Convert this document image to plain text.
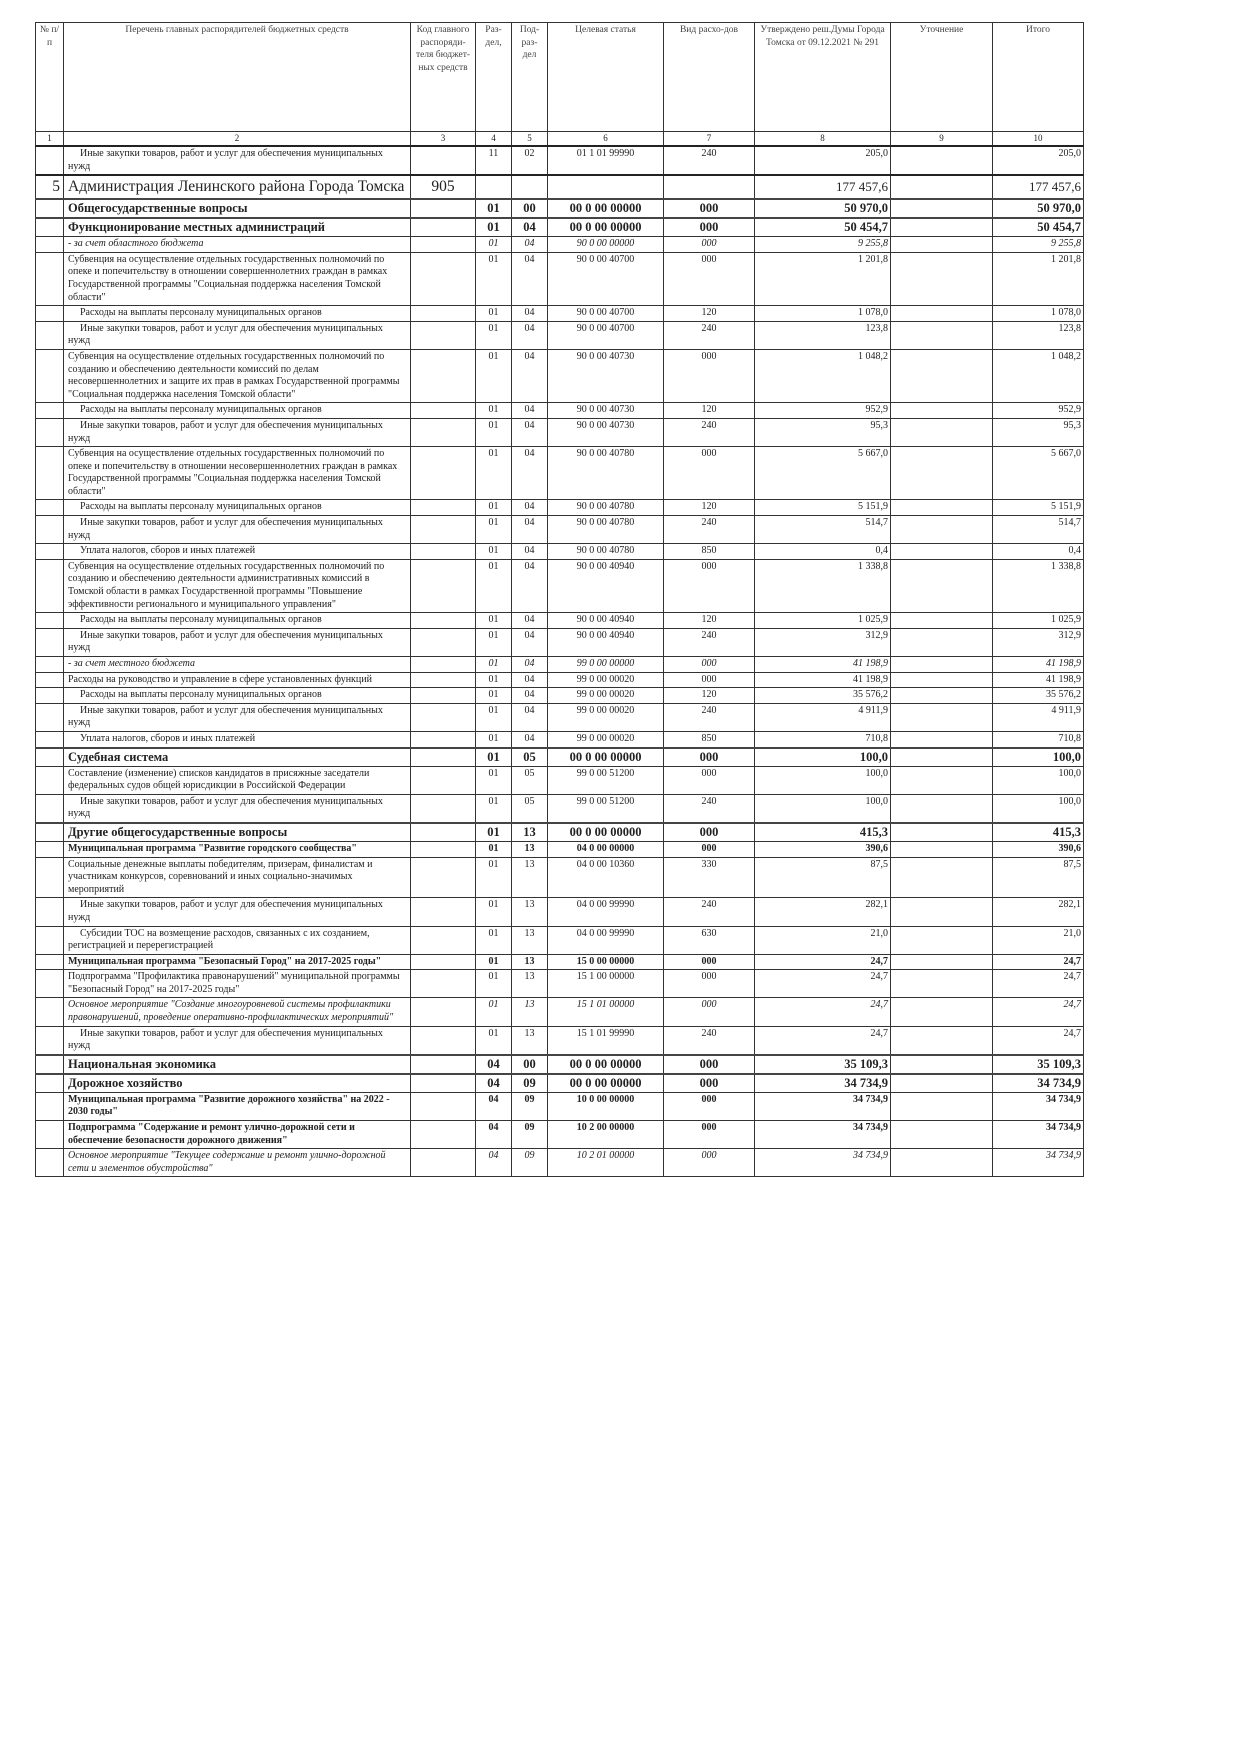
№ п/п	Перечень главных распорядителей бюджетных средств	Код главного распоряди-теля бюджет-ных средств	Раз-дел,	Под-раз-дел	Целевая статья	Вид расхо-дов	Утверждено реш.Думы Города Томска от 09.12.2021 № 291	Уточнение	Итого
1	2	3	4	5	6	7	8	9	10
	Иные закупки товаров, работ и услуг для обеспечения муниципальных нужд		11	02	01 1 01 99990	240	205,0		205,0
5	Администрация Ленинского района Города Томска	905					177 457,6		177 457,6
	Общегосударственные вопросы		01	00	00 0 00 00000	000	50 970,0		50 970,0
	Функционирование местных администраций		01	04	00 0 00 00000	000	50 454,7		50 454,7
	- за счет областного бюджета		01	04	90 0 00 00000	000	9 255,8		9 255,8
	Субвенция на осуществление отдельных государственных полномочий по опеке и попечительству в отношении совершеннолетних граждан в рамках Государственной программы "Социальная поддержка населения Томской области"		01	04	90 0 00 40700	000	1 201,8		1 201,8
	Расходы на выплаты персоналу муниципальных органов		01	04	90 0 00 40700	120	1 078,0		1 078,0
	Иные закупки товаров, работ и услуг для обеспечения муниципальных нужд		01	04	90 0 00 40700	240	123,8		123,8
	Субвенция на осуществление отдельных государственных полномочий по созданию и обеспечению деятельности комиссий по делам несовершеннолетних и защите их прав в рамках Государственной программы "Социальная поддержка населения Томской области"		01	04	90 0 00 40730	000	1 048,2		1 048,2
	Расходы на выплаты персоналу муниципальных органов		01	04	90 0 00 40730	120	952,9		952,9
	Иные закупки товаров, работ и услуг для обеспечения муниципальных нужд		01	04	90 0 00 40730	240	95,3		95,3
	Субвенция на осуществление отдельных государственных полномочий по опеке и попечительству в отношении несовершеннолетних граждан в рамках Государственной программы "Социальная поддержка населения Томской области"		01	04	90 0 00 40780	000	5 667,0		5 667,0
	Расходы на выплаты персоналу муниципальных органов		01	04	90 0 00 40780	120	5 151,9		5 151,9
	Иные закупки товаров, работ и услуг для обеспечения муниципальных нужд		01	04	90 0 00 40780	240	514,7		514,7
	Уплата налогов, сборов и иных платежей		01	04	90 0 00 40780	850	0,4		0,4
	Субвенция на осуществление отдельных государственных полномочий по созданию и обеспечению деятельности административных комиссий в Томской области в рамках Государственной программы "Повышение эффективности регионального и муниципального управления"		01	04	90 0 00 40940	000	1 338,8		1 338,8
	Расходы на выплаты персоналу муниципальных органов		01	04	90 0 00 40940	120	1 025,9		1 025,9
	Иные закупки товаров, работ и услуг для обеспечения муниципальных нужд		01	04	90 0 00 40940	240	312,9		312,9
	- за счет местного бюджета		01	04	99 0 00 00000	000	41 198,9		41 198,9
	Расходы на руководство и управление в сфере установленных функций		01	04	99 0 00 00020	000	41 198,9		41 198,9
	Расходы на выплаты персоналу муниципальных органов		01	04	99 0 00 00020	120	35 576,2		35 576,2
	Иные закупки товаров, работ и услуг для обеспечения муниципальных нужд		01	04	99 0 00 00020	240	4 911,9		4 911,9
	Уплата налогов, сборов и иных платежей		01	04	99 0 00 00020	850	710,8		710,8
	Судебная система		01	05	00 0 00 00000	000	100,0		100,0
	Составление (изменение) списков кандидатов в присяжные заседатели федеральных судов общей юрисдикции в Российской Федерации		01	05	99 0 00 51200	000	100,0		100,0
	Иные закупки товаров, работ и услуг для обеспечения муниципальных нужд		01	05	99 0 00 51200	240	100,0		100,0
	Другие общегосударственные вопросы		01	13	00 0 00 00000	000	415,3		415,3
	Муниципальная программа "Развитие городского сообщества"		01	13	04 0 00 00000	000	390,6		390,6
	Социальные денежные выплаты победителям, призерам, финалистам и участникам конкурсов, соревнований и иных социально-значимых мероприятий		01	13	04 0 00 10360	330	87,5		87,5
	Иные закупки товаров, работ и услуг для обеспечения муниципальных нужд		01	13	04 0 00 99990	240	282,1		282,1
	Субсидии ТОС на возмещение расходов, связанных с их созданием, регистрацией и перерегистрацией		01	13	04 0 00 99990	630	21,0		21,0
	Муниципальная программа "Безопасный Город" на 2017-2025 годы"		01	13	15 0 00 00000	000	24,7		24,7
	Подпрограмма "Профилактика правонарушений" муниципальной программы "Безопасный Город" на 2017-2025 годы"		01	13	15 1 00 00000	000	24,7		24,7
	Основное мероприятие "Создание многоуровневой системы профилактики правонарушений, проведение оперативно-профилактических мероприятий"		01	13	15 1 01 00000	000	24,7		24,7
	Иные закупки товаров, работ и услуг для обеспечения муниципальных нужд		01	13	15 1 01 99990	240	24,7		24,7
	Национальная экономика		04	00	00 0 00 00000	000	35 109,3		35 109,3
	Дорожное хозяйство		04	09	00 0 00 00000	000	34 734,9		34 734,9
	Муниципальная программа "Развитие дорожного хозяйства" на 2022 - 2030 годы"		04	09	10 0 00 00000	000	34 734,9		34 734,9
	Подпрограмма "Содержание и ремонт улично-дорожной сети и обеспечение безопасности дорожного движения"		04	09	10 2 00 00000	000	34 734,9		34 734,9
	Основное мероприятие "Текущее содержание и ремонт улично-дорожной сети и элементов обустройства"		04	09	10 2 01 00000	000	34 734,9		34 734,9
